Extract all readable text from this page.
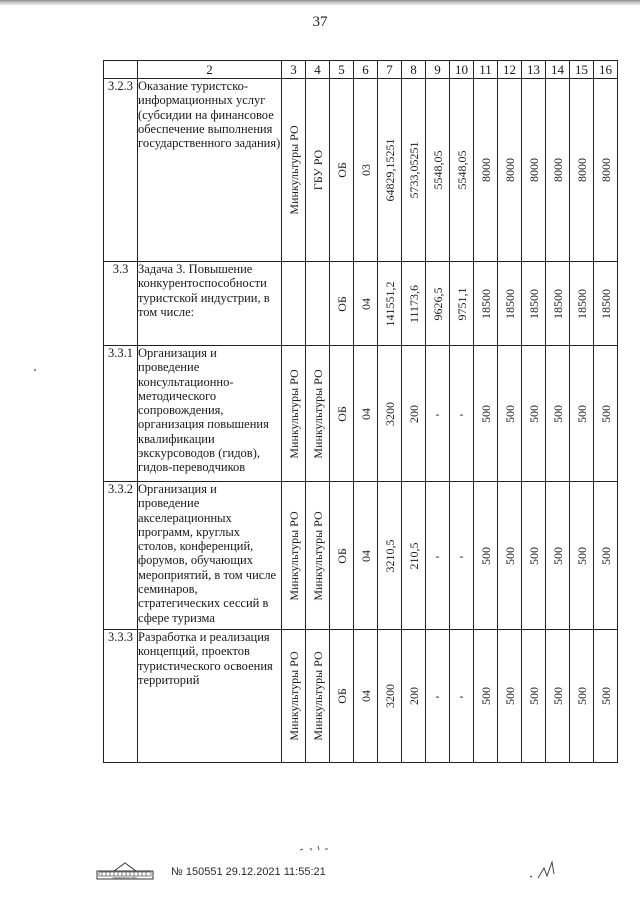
37
	2	3	4	5	6	7	8	9	10	11	12	13	14	15	16
3.2.3	Оказание туристско-информационных услуг (субсидии на финансовое обеспечение выполнения государственного задания)	Минкультуры РО	ГБУ РО	ОБ	03	64829,15251	5733,05251	5548,05	5548,05	8000	8000	8000	8000	8000	8000

3.3	Задача 3. Повышение конкурентоспособности туристской индустрии, в том числе:			ОБ	04	141551,2	11173,6	9626,5	9751,1	18500	18500	18500	18500	18500	18500

3.3.1	Организация и проведение консультационно-методического сопровождения, организация повышения квалификации экскурсоводов (гидов), гидов-переводчиков	Минкультуры РО	Минкультуры РО	ОБ	04	3200	200	-	-	500	500	500	500	500	500

3.3.2	Организация и проведение акселерационных программ, круглых столов, конференций, форумов, обучающих мероприятий, в том числе семинаров, стратегических сессий в сфере туризма	Минкультуры РО	Минкультуры РО	ОБ	04	3210,5	210,5	-	-	500	500	500	500	500	500

3.3.3	Разработка и реализация концепций, проектов туристического освоения территорий	Минкультуры РО	Минкультуры РО	ОБ	04	3200	200	-	-	500	500	500	500	500	500
ПРАВИТЕЛЬСТВО
№ 150551 29.12.2021 11:55:21
